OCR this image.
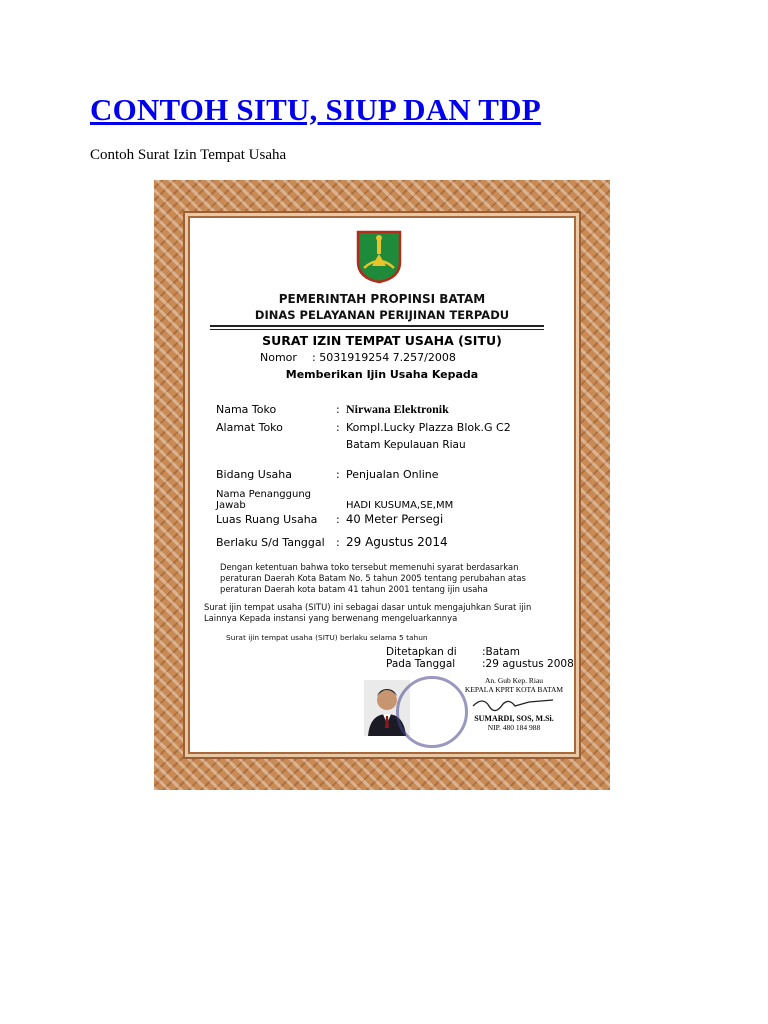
CONTOH SITU, SIUP DAN TDP
Contoh Surat Izin Tempat Usaha
PEMERINTAH PROPINSI BATAM
DINAS PELAYANAN PERIJINAN TERPADU
SURAT IZIN TEMPAT USAHA (SITU)
Nomor : 5031919254 7.257/2008
Memberikan Ijin Usaha Kepada
Nama Toko	: Nirwana Elektronik
Alamat Toko	: Kompl.Lucky Plazza Blok.G C2
Batam Kepulauan Riau
Bidang Usaha	: Penjualan Online
Nama Penanggung Jawab	HADI KUSUMA,SE,MM
Luas Ruang Usaha : 40 Meter Persegi
Berlaku S/d Tanggal : 29 Agustus 2014
Dengan ketentuan bahwa toko tersebut memenuhi syarat berdasarkan peraturan Daerah Kota Batam No. 5 tahun 2005 tentang perubahan atas peraturan Daerah kota batam 41 tahun 2001 tentang ijin usaha
Surat ijin tempat usaha (SITU) ini sebagai dasar untuk mengajuhkan Surat ijin Lainnya Kepada instansi yang berwenang mengeluarkannya
Surat ijin tempat usaha (SITU) berlaku selama 5 tahun
Ditetapkan di :Batam
Pada Tanggal	:29 agustus 2008
An. Gub Kep. Riau
KEPALA KPRT KOTA BATAM
SUMARDI, SOS, M.Si.
NIP. 480 184 988
